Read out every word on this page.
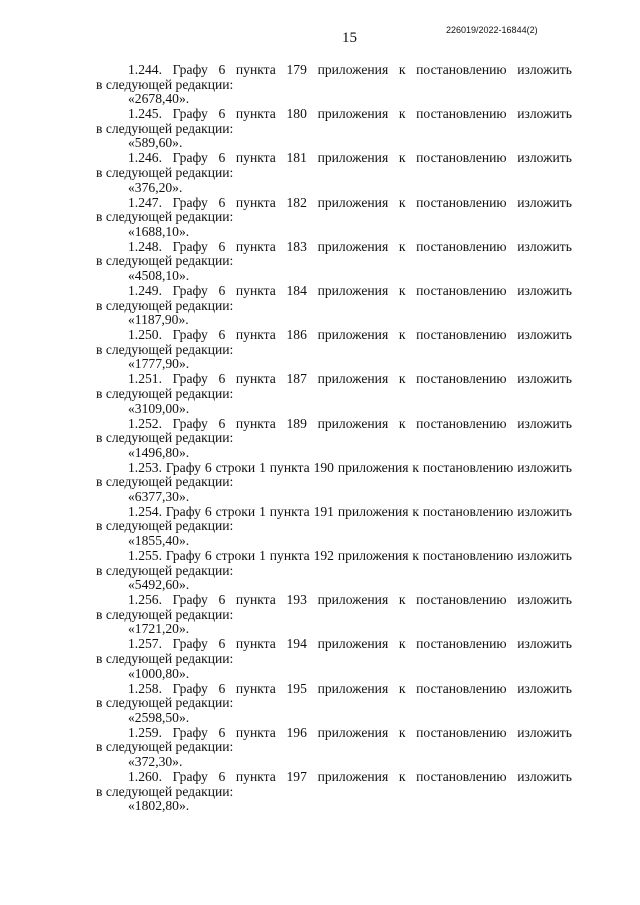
15	226019/2022-16844(2)
1.244. Графу 6 пункта 179 приложения к постановлению изложить
в следующей редакции:
«2678,40».
1.245. Графу 6 пункта 180 приложения к постановлению изложить
в следующей редакции:
«589,60».
1.246. Графу 6 пункта 181 приложения к постановлению изложить
в следующей редакции:
«376,20».
1.247. Графу 6 пункта 182 приложения к постановлению изложить
в следующей редакции:
«1688,10».
1.248. Графу 6 пункта 183 приложения к постановлению изложить
в следующей редакции:
«4508,10».
1.249. Графу 6 пункта 184 приложения к постановлению изложить
в следующей редакции:
«1187,90».
1.250. Графу 6 пункта 186 приложения к постановлению изложить
в следующей редакции:
«1777,90».
1.251. Графу 6 пункта 187 приложения к постановлению изложить
в следующей редакции:
«3109,00».
1.252. Графу 6 пункта 189 приложения к постановлению изложить
в следующей редакции:
«1496,80».
1.253. Графу 6 строки 1 пункта 190 приложения к постановлению изложить
в следующей редакции:
«6377,30».
1.254. Графу 6 строки 1 пункта 191 приложения к постановлению изложить
в следующей редакции:
«1855,40».
1.255. Графу 6 строки 1 пункта 192 приложения к постановлению изложить
в следующей редакции:
«5492,60».
1.256. Графу 6 пункта 193 приложения к постановлению изложить
в следующей редакции:
«1721,20».
1.257. Графу 6 пункта 194 приложения к постановлению изложить
в следующей редакции:
«1000,80».
1.258. Графу 6 пункта 195 приложения к постановлению изложить
в следующей редакции:
«2598,50».
1.259. Графу 6 пункта 196 приложения к постановлению изложить
в следующей редакции:
«372,30».
1.260. Графу 6 пункта 197 приложения к постановлению изложить
в следующей редакции:
«1802,80».
